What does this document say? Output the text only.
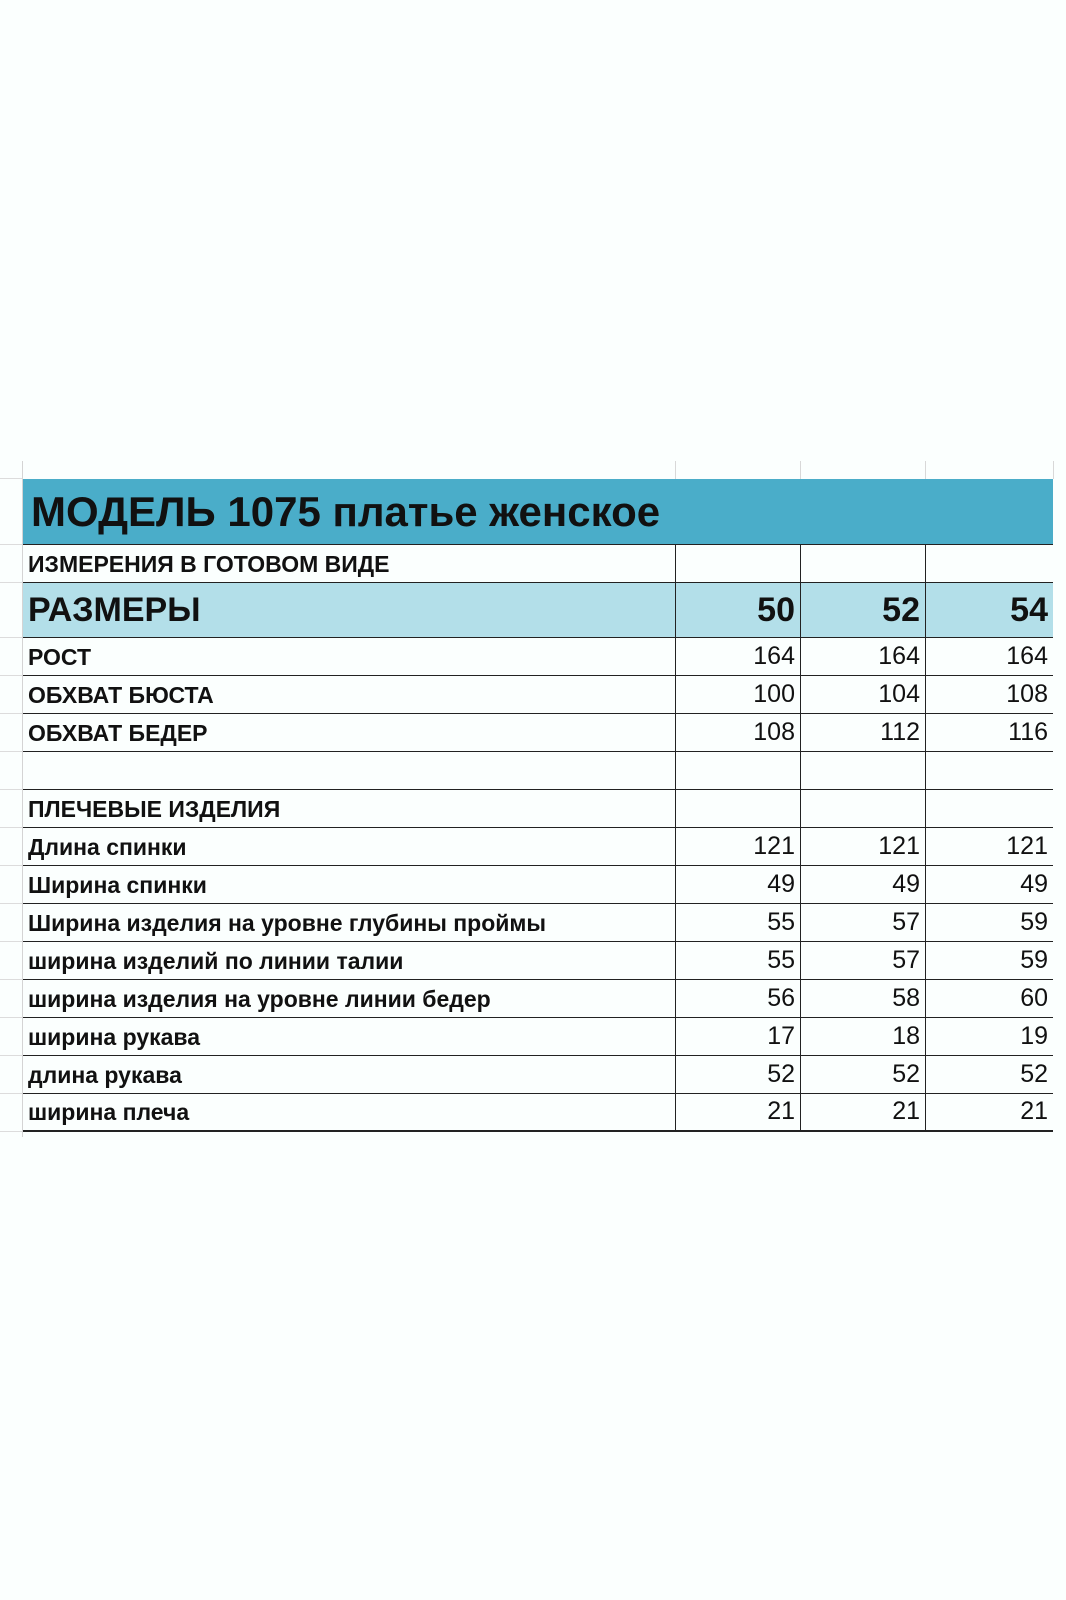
МОДЕЛЬ 1075 платье женское
ИЗМЕРЕНИЯ В ГОТОВОМ ВИДЕ
РАЗМЕРЫ	50	52	54
РОСТ	164	164	164
ОБХВАТ БЮСТА	100	104	108
ОБХВАТ БЕДЕР	108	112	116
ПЛЕЧЕВЫЕ ИЗДЕЛИЯ
Длина спинки	121	121	121
Ширина спинки	49	49	49
Ширина изделия на уровне глубины проймы	55	57	59
ширина изделий по линии талии	55	57	59
ширина изделия на уровне линии бедер	56	58	60
ширина рукава	17	18	19
длина рукава	52	52	52
ширина плеча	21	21	21
